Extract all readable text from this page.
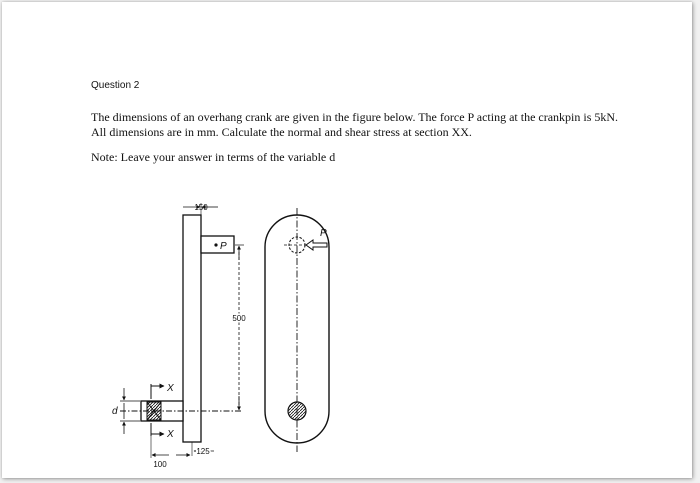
Question 2

The dimensions of an overhang crank are given in the figure below. The force P acting at the crankpin is 5kN. All dimensions are in mm. Calculate the normal and shear stress at section XX.

Note: Leave your answer in terms of the variable d

P
d
X
X
150
500
125
100
P
